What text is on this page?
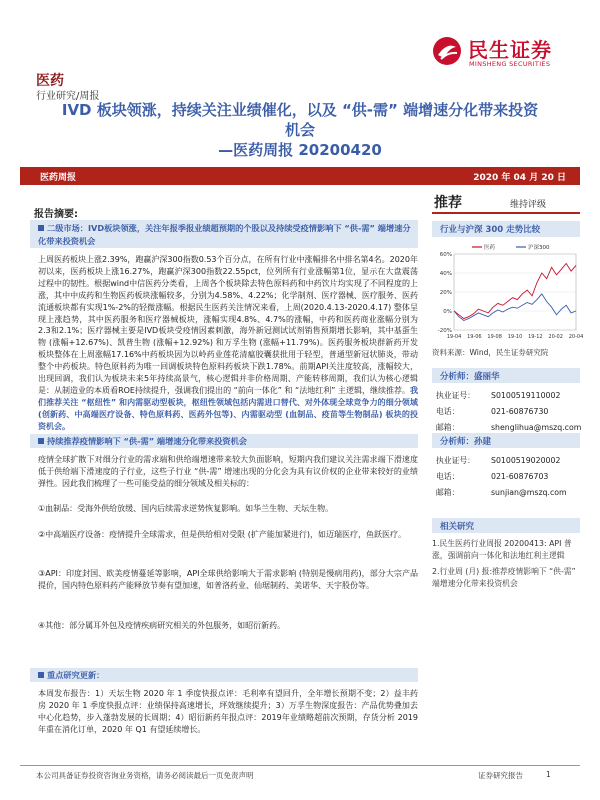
民生证券
MINSHENG SECURITIES
医药
行业研究/周报
IVD 板块领涨，持续关注业绩催化，以及 “供-需” 端增速分化带来投资
机会
—医药周报 20200420
医药周报	2020 年 04 月 20 日
报告摘要:
二级市场：IVD板块领涨，关注年报季报业绩超预期的个股以及持续受疫情影响下 “供-需” 端增速分化带来投资机会
上周医药板块上涨2.39%，跑赢沪深300指数0.53个百分点，在所有行业中涨幅排名中排名第4名。2020年初以来，医药板块上涨16.27%，跑赢沪深300指数22.55pct，位列所有行业涨幅第1位，显示在大盘震荡过程中的韧性。根据wind中信医药分类看，上周各个板块除去特色原料药和中药饮片均实现了不同程度的上涨，其中中成药和生物医药板块涨幅较多，分别为4.58%、4.22%；化学制剂、医疗器械、医疗服务、医药流通板块都有实现1%-2%的轻微涨幅。根据民生医药关注情况来看，上周(2020.4.13-2020.4.17) 整体呈现上涨趋势，其中医药服务和医疗器械板块，涨幅实现4.8%、4.7%的涨幅，中药和医药商业涨幅分别为2.3和2.1%；医疗器械主要是IVD板块受疫情因素刺激，海外新冠测试试剂销售预期增长影响，其中基蛋生物 (涨幅+12.67%)、凯普生物 (涨幅+12.92%) 和万孚生物 (涨幅+11.79%)。医药服务板块群新药开发板块整体在上周涨幅17.16%中药板块因为以岭药业莲花清瘟胶囊获批用于轻型，普通型新冠状肺炎，带动整个中药板块。特色原料药为唯一回调板块特色原料药板块下跌1.78%。前期API关注度较高，涨幅较大，出现回调，我们认为板块未来5年持续高景气，核心逻辑并非价格周期、产能转移周期，我们认为核心逻辑是：从制造业的本质看ROE持续提升，强调我们提出的 “前向一体化” 和 “法地红利” 主逻辑，继续推荐。我们推荐关注 “枢纽性” 和内需驱动型板块，枢纽性领域包括内需进口替代、对外体现全球竞争力的细分领域 (创新药、中高端医疗设备、特色原料药、医药外包等)、内需驱动型 (血制品、疫苗等生物制品) 板块的投资机会。
持续推荐疫情影响下 “供-需” 端增速分化带来投资机会
疫情全球扩散下对细分行业的需求端和供给端增速带来较大负面影响，短期内我们建议关注需求端下滑速度低于供给端下滑速度的子行业，这些子行业 “供-需” 增速出现的分化会为具有议价权的企业带来较好的业绩弹性。因此我们梳理了一些可能受益的细分领域及相关标的：
①血制品：受海外供给放缓、国内后续需求逆势恢复影响。如华兰生物、天坛生物。
②中高端医疗设备：疫情提升全球需求，但是供给相对受限 (扩产能加紧进行)，如迈瑞医疗，鱼跃医疗。
③API：印度封国、欧美疫情蔓延等影响，API全球供给影响大于需求影响 (特别是慢病用药)，部分大宗产品提价，国内特色原料药产能释放节奏有望加速，如普洛药业、仙琚制药、美诺华、天宇股份等。
④其他：部分属耳外包及疫情疾病研究相关的外包服务，如昭衍新药。
重点研究更新：
本周发布报告：1）天坛生物 2020 年 1 季度快报点评：毛利率有望回升，全年增长预期不变；2）益丰药房 2020 年 1 季度快报点评：业绩保持高速增长，坪效继续提升；3）万孚生物深度报告：产品优势叠加去中心化趋势，步入蓬勃发展的长周期；4）昭衍新药年报点评：2019年业绩略超前次预期，存货分析 2019 年重在消化订单，2020 年 Q1 有望延续增长。
推荐	维持评级
行业与沪深 300 走势比较
60%
40%
20%
0%
-20%
19-04 19-06 19-08 19-10 19-12 20-02 20-04
医药	沪深300
资料来源：Wind，民生证券研究院
分析师：盛丽华
执业证号： S0100519110002
电话：	021-60876730
邮箱：	shenglihua@mszq.com
分析师：孙建
执业证号： S0100519020002
电话：	021-60876703
邮箱：	sunjian@mszq.com
相关研究
1.民生医药行业周报 20200413: API 普涨，强调前向一体化和法地红利主逻辑
2.行业周 (月) 报:推荐疫情影响下 “供-需” 端增速分化带来投资机会
本公司具备证券投资咨询业务资格，请务必阅读最后一页免责声明	证券研究报告	1
